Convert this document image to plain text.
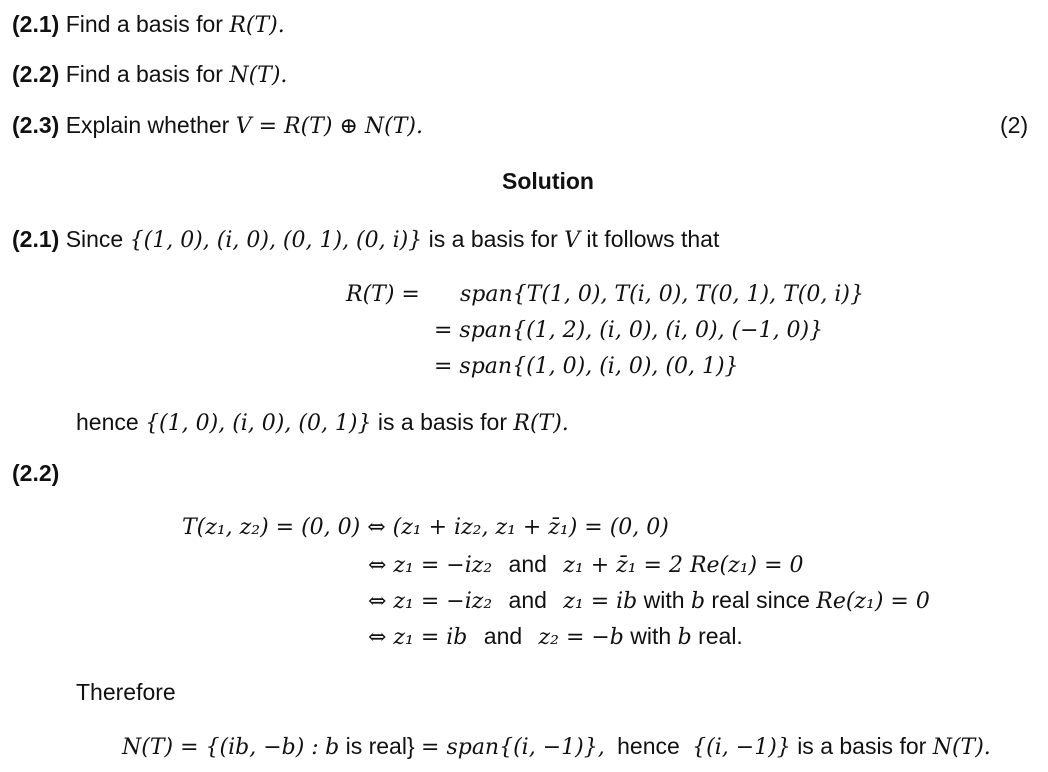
(2.1) Find a basis for R(T).
(2.2) Find a basis for N(T).
(2.3) Explain whether V = R(T) ⊕ N(T).	(2)
Solution
(2.1) Since {(1, 0), (i, 0), (0, 1), (0, i)} is a basis for V it follows that
R(T) = span{T(1, 0), T(i, 0), T(0, 1), T(0, i)}
= span{(1, 2), (i, 0), (i, 0), (−1, 0)}
= span{(1, 0), (i, 0), (0, 1)}
hence {(1, 0), (i, 0), (0, 1)} is a basis for R(T).
(2.2)
T(z₁, z₂) = (0, 0) ⇔ (z₁ + iz₂, z₁ + z̄₁) = (0, 0)
⇔ z₁ = −iz₂ and z₁ + z̄₁ = 2 Re(z₁) = 0
⇔ z₁ = −iz₂ and z₁ = ib with b real since Re(z₁) = 0
⇔ z₁ = ib and z₂ = −b with b real.
Therefore
N(T) = {(ib, −b) : b is real} = span{(i, −1)}, hence {(i, −1)} is a basis for N(T).
